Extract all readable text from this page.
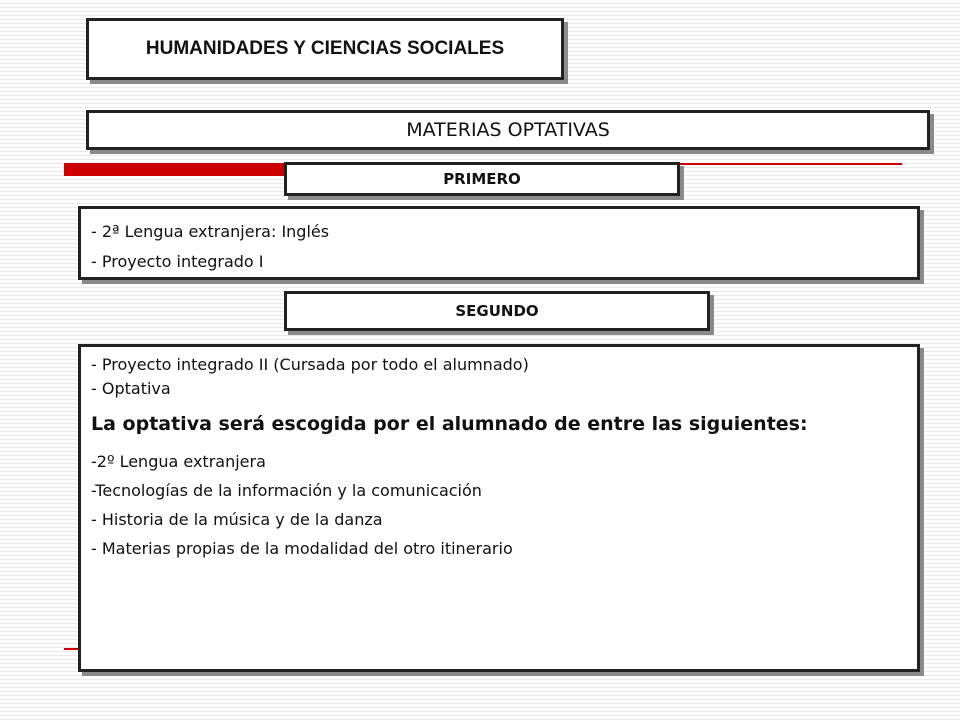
HUMANIDADES Y CIENCIAS SOCIALES
MATERIAS OPTATIVAS
PRIMERO
- 2ª Lengua extranjera: Inglés
- Proyecto integrado I
SEGUNDO
- Proyecto integrado II (Cursada por todo el alumnado)
- Optativa
La optativa será escogida por el alumnado de entre las siguientes:
-2º Lengua extranjera
-Tecnologías de la información y la comunicación
- Historia de la música y de la danza
- Materias propias de la modalidad del otro itinerario
